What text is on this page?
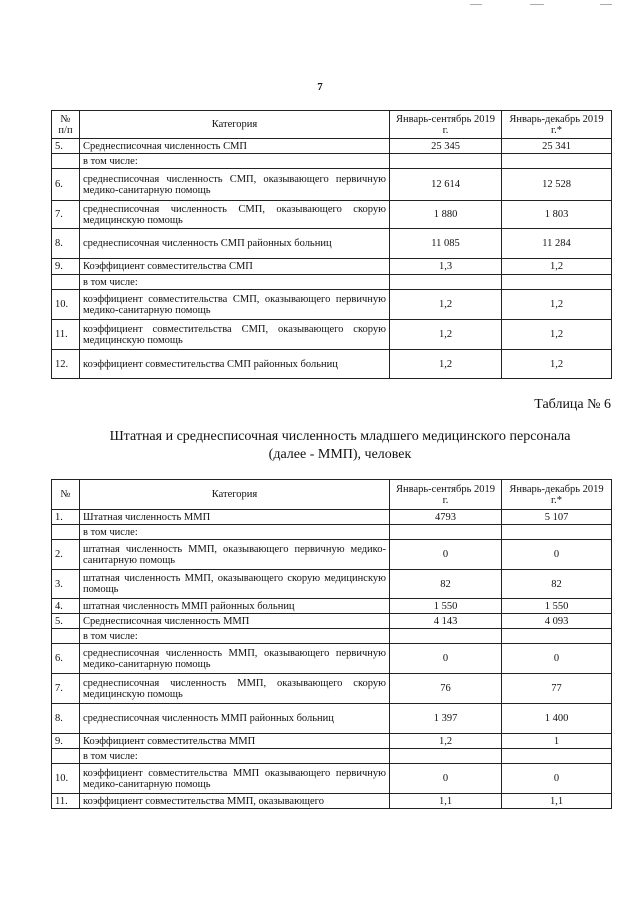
7
№ п/п	Категория	Январь-сентябрь 2019 г.	Январь-декабрь 2019 г.*
5.	Среднесписочная численность СМП	25 345	25 341
	в том числе:		
6.	среднесписочная численность СМП, оказывающего первичную медико-санитарную помощь	12 614	12 528
7.	среднесписочная численность СМП, оказывающего скорую медицинскую помощь	1 880	1 803
8.	среднесписочная численность СМП районных больниц	11 085	11 284
9.	Коэффициент совместительства СМП	1,3	1,2
	в том числе:		
10.	коэффициент совместительства СМП, оказывающего первичную медико-санитарную помощь	1,2	1,2
11.	коэффициент совместительства СМП, оказывающего скорую медицинскую помощь	1,2	1,2
12.	коэффициент совместительства СМП районных больниц	1,2	1,2
Таблица № 6
Штатная и среднесписочная численность младшего медицинского персонала
(далее - ММП), человек
№	Категория	Январь-сентябрь 2019 г.	Январь-декабрь 2019 г.*
1.	Штатная численность ММП	4793	5 107
	в том числе:		
2.	штатная численность ММП, оказывающего первичную медико-санитарную помощь	0	0
3.	штатная численность ММП, оказывающего скорую медицинскую помощь	82	82
4.	штатная численность ММП районных больниц	1 550	1 550
5.	Среднесписочная численность ММП	4 143	4 093
	в том числе:		
6.	среднесписочная численность ММП, оказывающего первичную медико-санитарную помощь	0	0
7.	среднесписочная численность ММП, оказывающего скорую медицинскую помощь	76	77
8.	среднесписочная численность ММП районных больниц	1 397	1 400
9.	Коэффициент совместительства ММП	1,2	1
	в том числе:		
10.	коэффициент совместительства ММП оказывающего первичную медико-санитарную помощь	0	0
11.	коэффициент совместительства ММП, оказывающего	1,1	1,1
